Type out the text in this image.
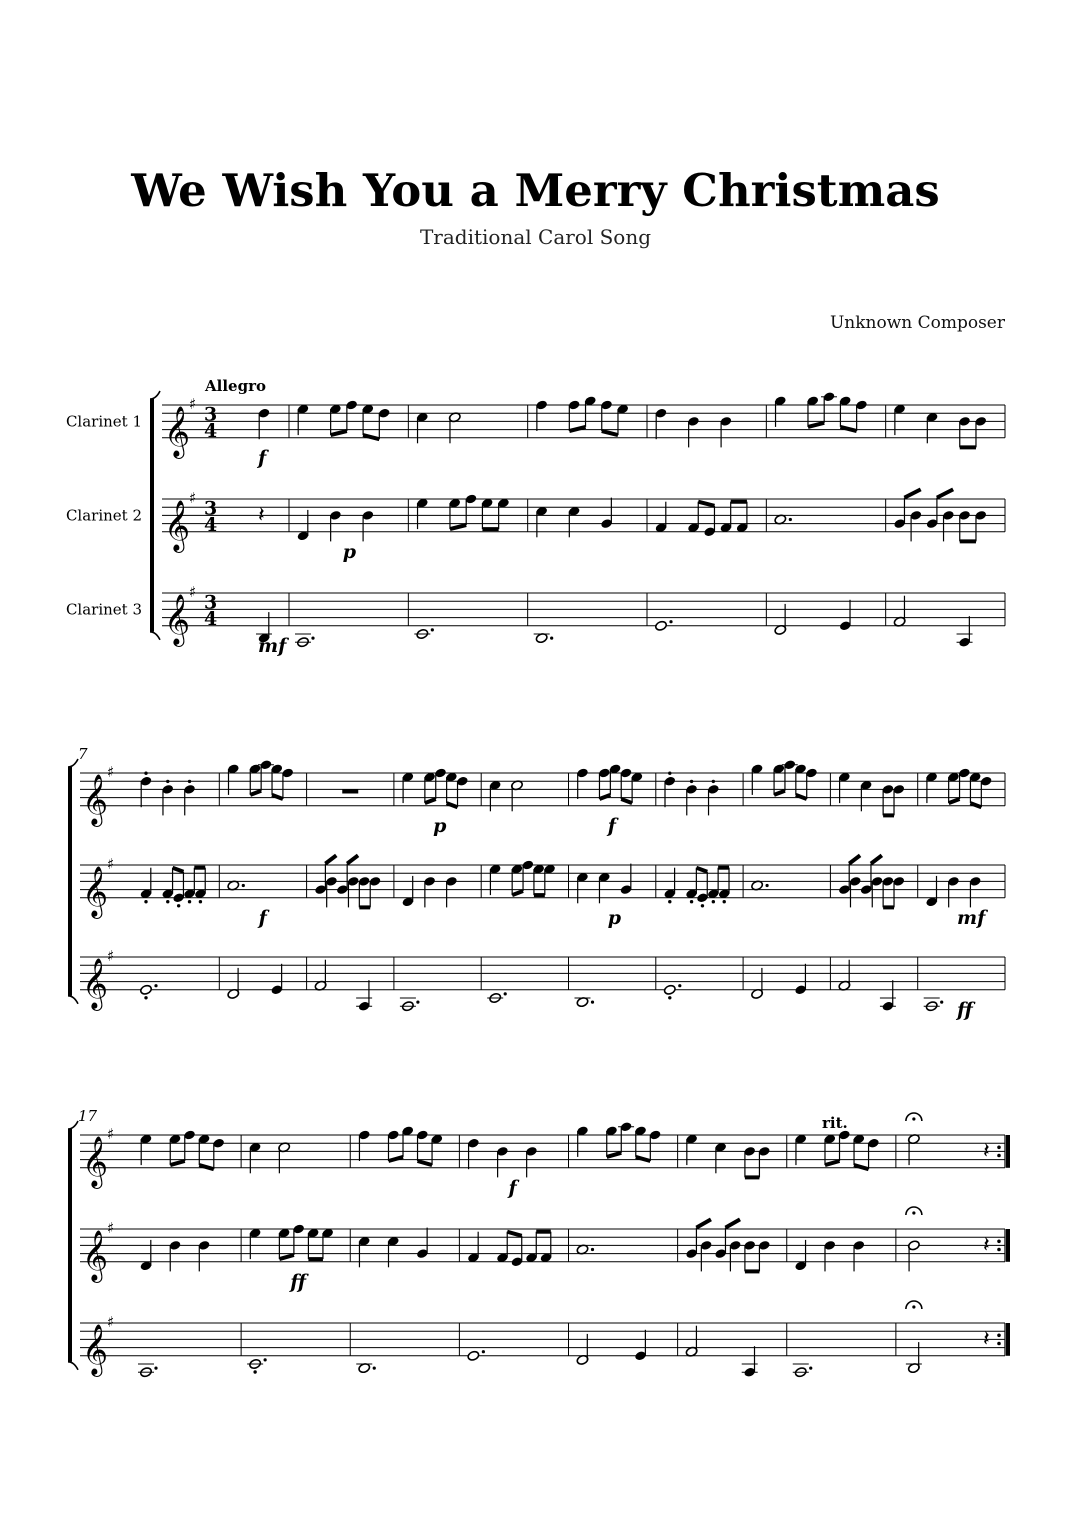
We Wish You a Merry Christmas
Traditional Carol Song
Unknown Composer
Allegro
Clarinet 1 𝄞
♯ 3
4
f
Clarinet 2 𝄞
♯ 3
4 𝄽
p
Clarinet 3 𝄞
♯ 3
4
mf
7
𝄞
♯
p	f
𝄞
♯
f	p	mf
𝄞
♯
ff
17	rit.
𝄞
♯
𝄽
f
𝄞
♯
𝄽
ff
𝄞
♯
𝄽
